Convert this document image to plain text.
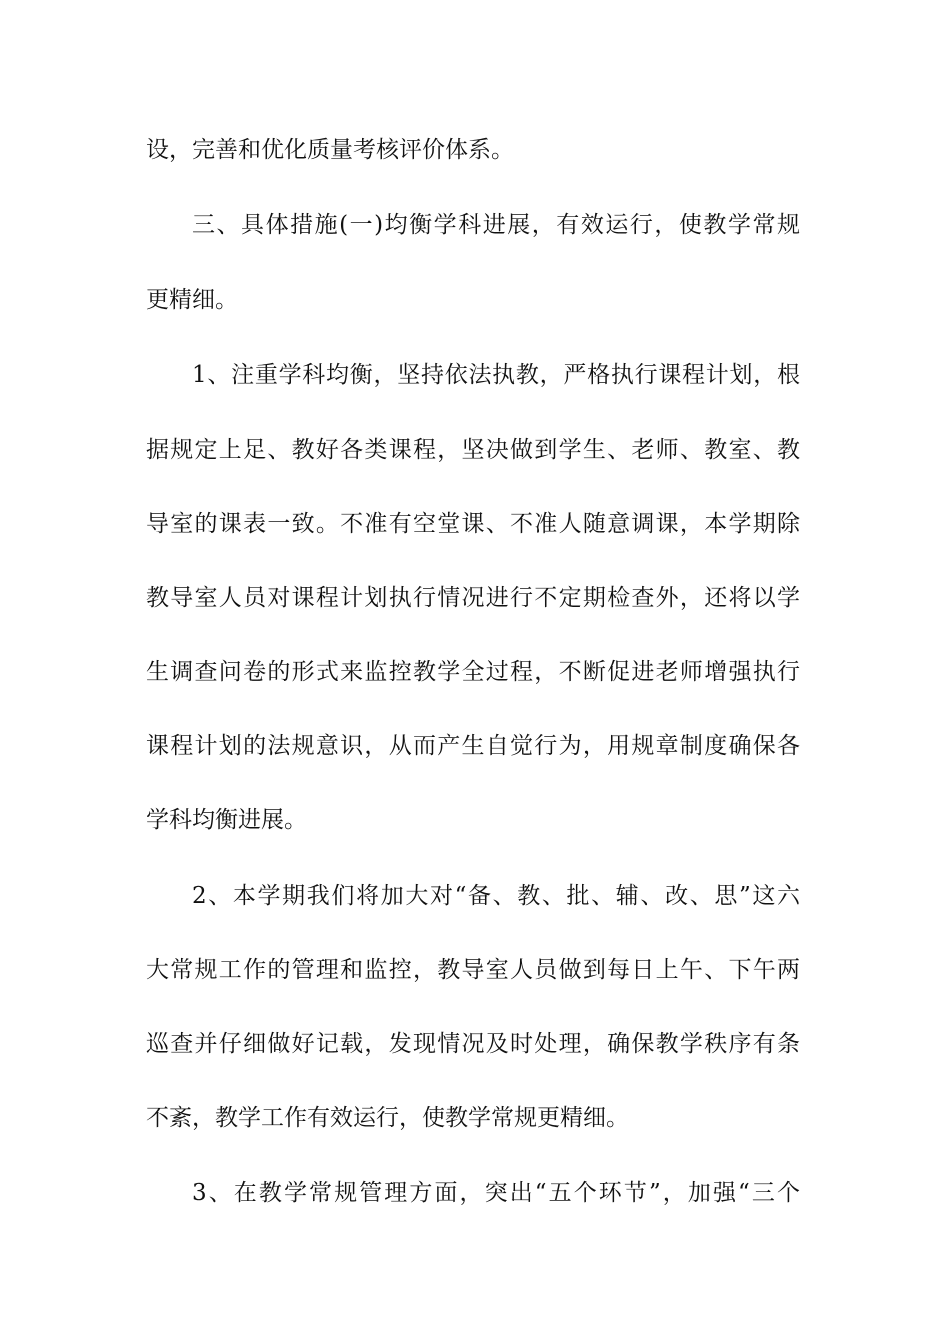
设，完善和优化质量考核评价体系。
三、具体措施(一)均衡学科进展，有效运行，使教学常规
更精细。
1、注重学科均衡，坚持依法执教，严格执行课程计划，根
据规定上足、教好各类课程，坚决做到学生、老师、教室、教
导室的课表一致。不准有空堂课、不准人随意调课，本学期除
教导室人员对课程计划执行情况进行不定期检查外，还将以学
生调查问卷的形式来监控教学全过程，不断促进老师增强执行
课程计划的法规意识，从而产生自觉行为，用规章制度确保各
学科均衡进展。
2、本学期我们将加大对“备、教、批、辅、改、思”这六
大常规工作的管理和监控，教导室人员做到每日上午、下午两
巡查并仔细做好记载，发现情况及时处理，确保教学秩序有条
不紊，教学工作有效运行，使教学常规更精细。
3、在教学常规管理方面，突出“五个环节”，加强“三个
